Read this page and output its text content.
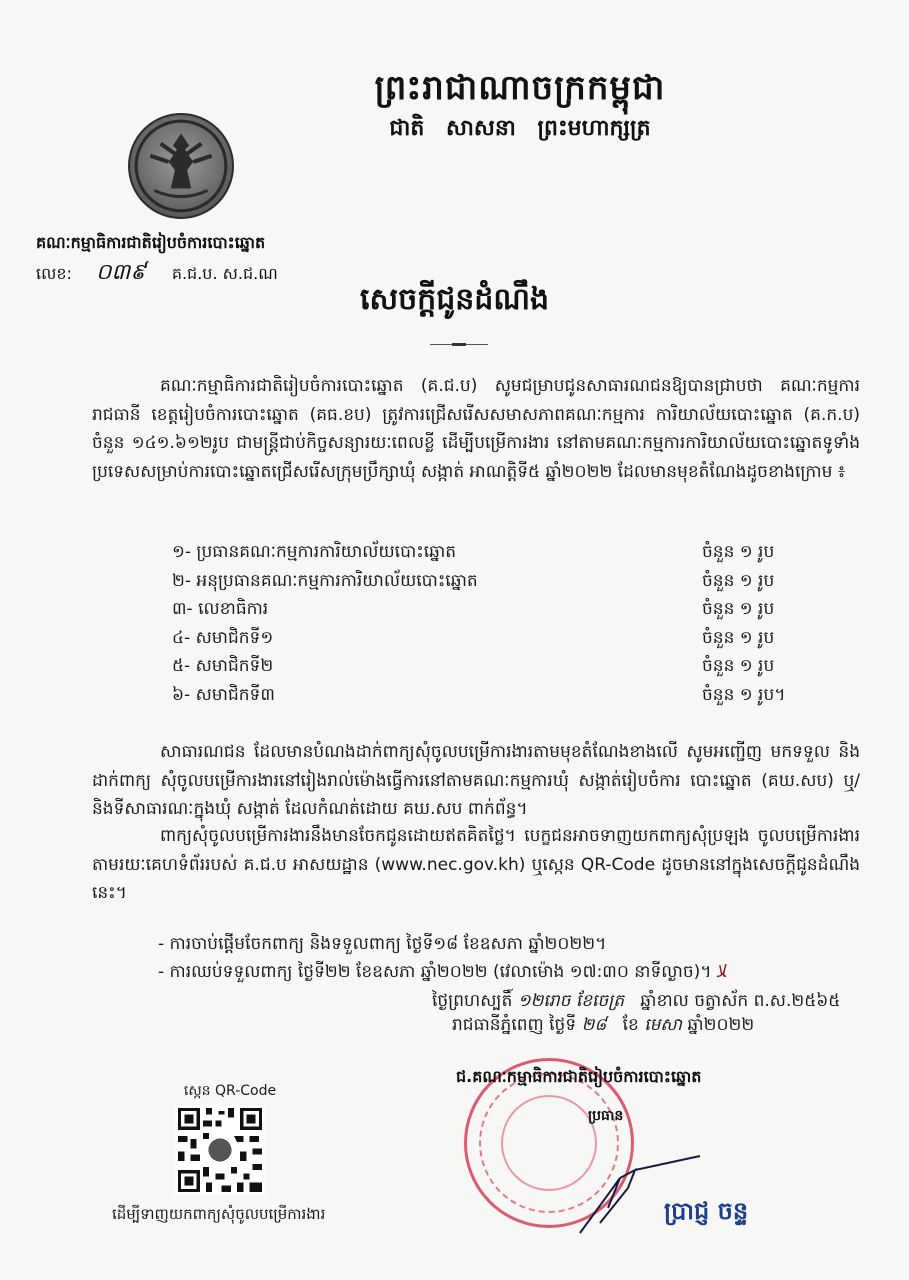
ព្រះរាជាណាចក្រកម្ពុជា
ជាតិ សាសនា ព្រះមហាក្សត្រ
គណៈកម្មាធិការជាតិរៀបចំការបោះឆ្នោត
លេខ: ០៣៩ គ.ជ.ប. ស.ជ.ណ
សេចក្តីជូនដំណឹង
គណៈកម្មាធិការជាតិរៀបចំការបោះឆ្នោត (គ.ជ.ប) សូមជម្រាបជូនសាធារណជនឱ្យបានជ្រាបថា គណៈកម្មការរាជធានី ខេត្តរៀបចំការបោះឆ្នោត (គធ.ខប) ត្រូវការជ្រើសរើសសមាសភាពគណៈកម្មការ ការិយាល័យបោះឆ្នោត (គ.ក.ប) ចំនួន ១៤១.៦១២រូប ជាមន្ត្រីជាប់កិច្ចសន្យារយៈពេលខ្លី ដើម្បីបម្រើការងារ នៅតាមគណៈកម្មការការិយាល័យបោះឆ្នោតទូទាំងប្រទេសសម្រាប់ការបោះឆ្នោតជ្រើសរើសក្រុមប្រឹក្សាឃុំ សង្កាត់ អាណត្តិទី៥ ឆ្នាំ២០២២ ដែលមានមុខតំណែងដូចខាងក្រោម ៖
១- ប្រធានគណៈកម្មការការិយាល័យបោះឆ្នោត	ចំនួន ១ រូប
២- អនុប្រធានគណៈកម្មការការិយាល័យបោះឆ្នោត	ចំនួន ១ រូប
៣- លេខាធិការ	ចំនួន ១ រូប
៤- សមាជិកទី១	ចំនួន ១ រូប
៥- សមាជិកទី២	ចំនួន ១ រូប
៦- សមាជិកទី៣	ចំនួន ១ រូប។
សាធារណជន ដែលមានបំណងដាក់ពាក្យសុំចូលបម្រើការងារតាមមុខតំណែងខាងលើ សូមអញ្ជើញ មកទទួល និងដាក់ពាក្យ សុំចូលបម្រើការងារនៅរៀងរាល់ម៉ោងធ្វើការនៅតាមគណៈកម្មការឃុំ សង្កាត់រៀបចំការ បោះឆ្នោត (គឃ.សប) ឬ/និងទីសាធារណៈក្នុងឃុំ សង្កាត់ ដែលកំណត់ដោយ គឃ.សប ពាក់ព័ន្ធ។
ពាក្យសុំចូលបម្រើការងារនឹងមានចែកជូនដោយឥតគិតថ្លៃ។ បេក្ខជនអាចទាញយកពាក្យសុំប្រឡង ចូលបម្រើការងារតាមរយៈគេហទំព័ររបស់ គ.ជ.ប អាសយដ្ឋាន (www.nec.gov.kh) ឬស្កេន QR-Code ដូចមាននៅក្នុងសេចក្តីជូនដំណឹងនេះ។
- ការចាប់ផ្តើមចែកពាក្យ និងទទួលពាក្យ ថ្ងៃទី១៨ ខែឧសភា ឆ្នាំ២០២២។
- ការឈប់ទទួលពាក្យ ថ្ងៃទី២២ ខែឧសភា ឆ្នាំ២០២២ (វេលាម៉ោង ១៧:៣០ នាទីល្ងាច)។ ﻼ
ថ្ងៃព្រហស្បតិ៍ ១២រោច ខែចេត្រ ឆ្នាំខាល ចត្វាស័ក ព.ស.២៥៦៥
រាជធានីភ្នំពេញ ថ្ងៃទី ២៨ ខែ មេសា ឆ្នាំ២០២២
ជ.គណៈកម្មាធិការជាតិរៀបចំការបោះឆ្នោត
ប្រធាន
ប្រាជ្ញ ចន្ទ
ស្កេន QR-Code
ដើម្បីទាញយកពាក្យសុំចូលបម្រើការងារ
